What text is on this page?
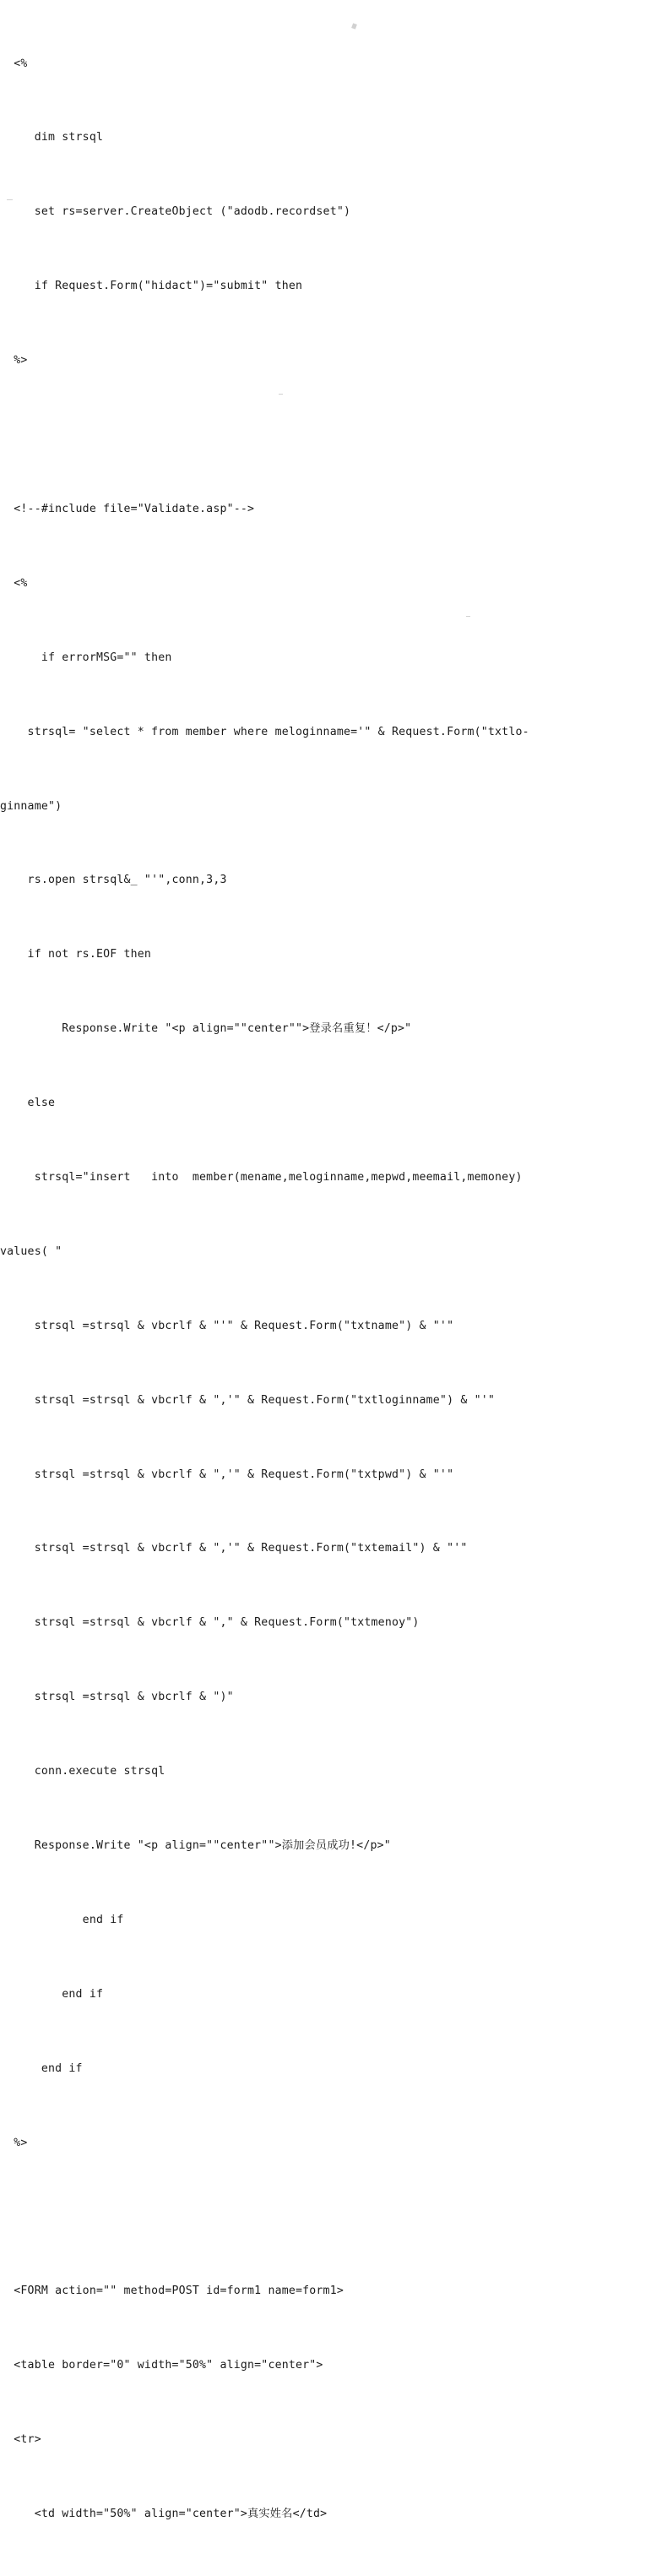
<%

dim strsql

set rs=server.CreateObject ("adodb.recordset")

if Request.Form("hidact")="submit" then

%>

<!--#include file="Validate.asp"-->

<%

if errorMSG="" then

strsql= "select * from member where meloginname='" & Request.Form("txtlo-

ginname")

rs.open strsql&_ "'",conn,3,3

if not rs.EOF then

Response.Write "<p align=""center"">登录名重复！</p>"

else

strsql="insert   into  member(mename,meloginname,mepwd,meemail,memoney)

values( "

strsql =strsql & vbcrlf & "'" & Request.Form("txtname") & "'"

strsql =strsql & vbcrlf & ",'" & Request.Form("txtloginname") & "'"

strsql =strsql & vbcrlf & ",'" & Request.Form("txtpwd") & "'"

strsql =strsql & vbcrlf & ",'" & Request.Form("txtemail") & "'"

strsql =strsql & vbcrlf & "," & Request.Form("txtmenoy")

strsql =strsql & vbcrlf & ")"

conn.execute strsql

Response.Write "<p align=""center"">添加会员成功!</p>"

end if

end if

end if

%>

<FORM action="" method=POST id=form1 name=form1>

<table border="0" width="50%" align="center">

<tr>

<td width="50%" align="center">真实姓名</td>
